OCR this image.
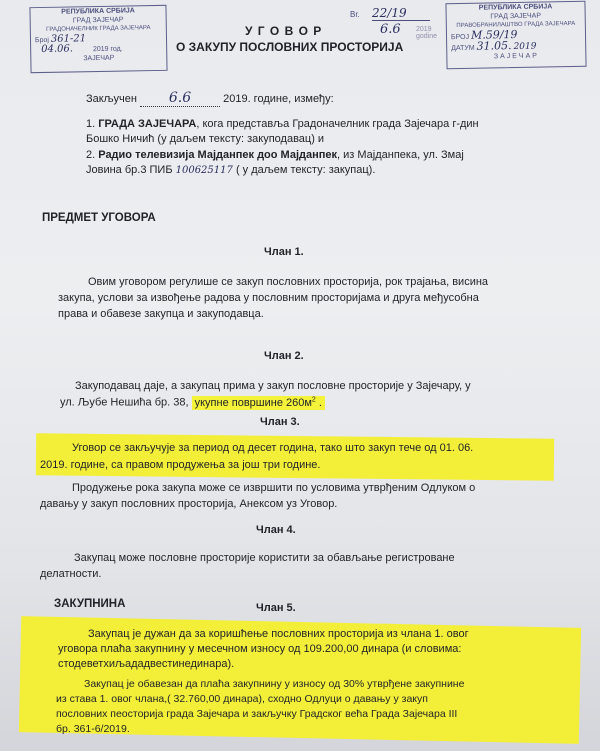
РЕПУБЛИКА СРБИЈА
ГРАД ЗАЈЕЧАР
ГРАДОНАЧЕЛНИК ГРАДА ЗАЈЕЧАРА
Број 361-21
04.06.	2019 год.
ЗАЈЕЧАР
Br. 22/19
6.6 2019 godine
РЕПУБЛИКА СРБИЈА
ГРАД ЗАЈЕЧАР
ПРАВОБРАНИЛАШТВО ГРАДА ЗАЈЕЧАРА
БРОЈ М.59/19
ДАТУМ 31.05. 2019
ЗАЈЕЧАР
У Г О В О Р
О ЗАКУПУ ПОСЛОВНИХ ПРОСТОРИЈА
Закључен 6.6	2019. године, између:
1. ГРАДА ЗАЈЕЧАРА, кога представља Градоначелник града Зајечара г-дин
Бошко Ничић (у даљем тексту: закуподавац) и
2. Радио телевизија Мајданпек доо Мајданпек, из Мајданпека, ул. Змај
Јовина бр.3 ПИБ 100625117 ( у даљем тексту: закупац).
ПРЕДМЕТ УГОВОРА
Члан 1.
Овим уговором регулише се закуп пословних просторија, рок трајања, висина
закупа, услови за извођење радова у пословним просторијама и друга међусобна
права и обавезе закупца и закуподавца.
Члан 2.
Закуподавац даје, а закупац прима у закуп пословне просторије у Зајечару, у
ул. Љубе Нешића бр. 38, укупне површине $260м^2$ .
Члан 3.
Уговор се закључује за период од десет година, тако што закуп тече од 01. 06.
2019. године, са правом продужења за још три године.
Продужење рока закупа може се извршити по условима утврђеним Одлуком о
давању у закуп пословних просторија, Анексом уз Уговор.
Члан 4.
Закупац може пословне просторије користити за обављање регистроване
делатности.
ЗАКУПНИНА	Члан 5.
Закупац је дужан да за коришћење пословних просторија из члана 1. овог
уговора плаћа закупнину у месечном износу од 109.200,00 динара (и словима:
стодеветхиљададвестинединара).
Закупац је обавезан да плаћа закупнину у износу од 30% утврђене закупнине
из става 1. овог члана,( 32.760,00 динара), сходно Одлуци о давању у закуп
пословних пеосторија града Зајечара и закључку Градског већа Града Зајечара III
бр. 361-6/2019.
